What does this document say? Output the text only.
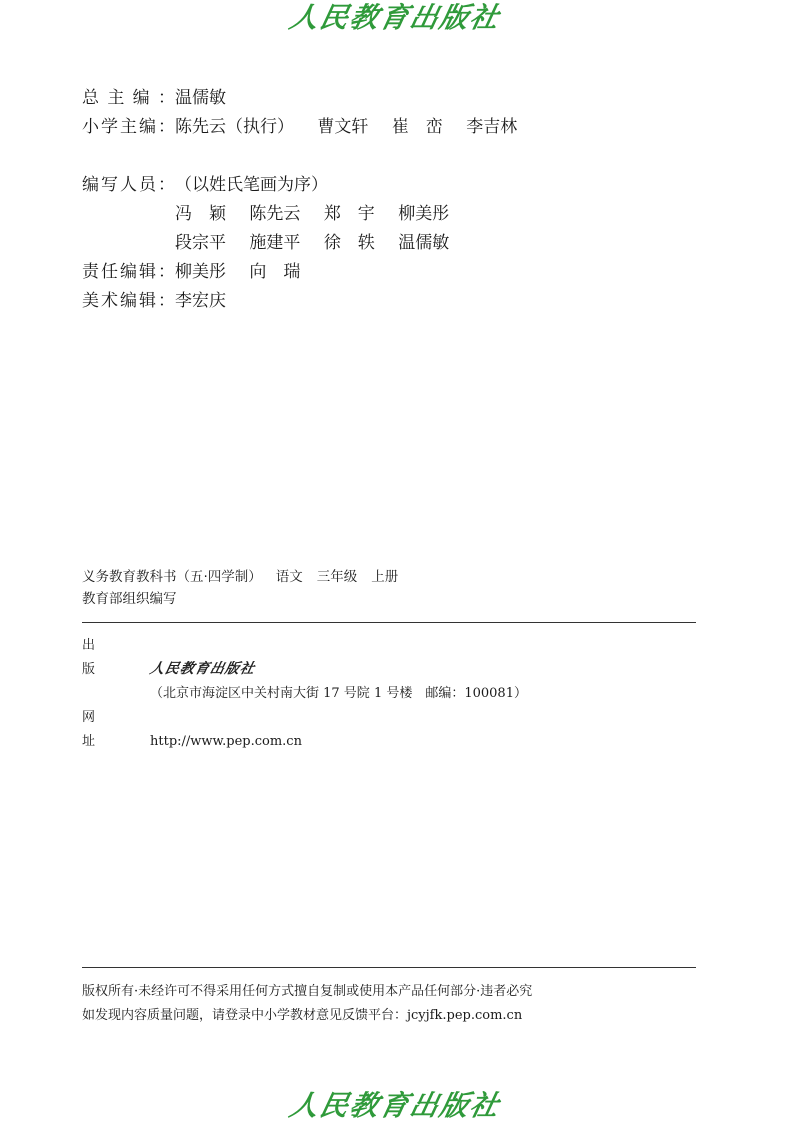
人民教育出版社
总主编：温儒敏
小学主编：陈先云（执行） 曹文轩 崔　峦 李吉林
编写人员：（以姓氏笔画为序）
冯　颖 陈先云 郑　宇 柳美彤
段宗平 施建平 徐　轶 温儒敏
责任编辑：柳美彤 向　瑞
美术编辑：李宏庆
义务教育教科书（五·四学制） 语文 三年级 上册
教育部组织编写
出版 人民教育出版社
（北京市海淀区中关村南大街 17 号院 1 号楼　邮编：100081）
网址 http://www.pep.com.cn
版权所有·未经许可不得采用任何方式擅自复制或使用本产品任何部分·违者必究
如发现内容质量问题，请登录中小学教材意见反馈平台：jcyjfk.pep.com.cn
人民教育出版社
